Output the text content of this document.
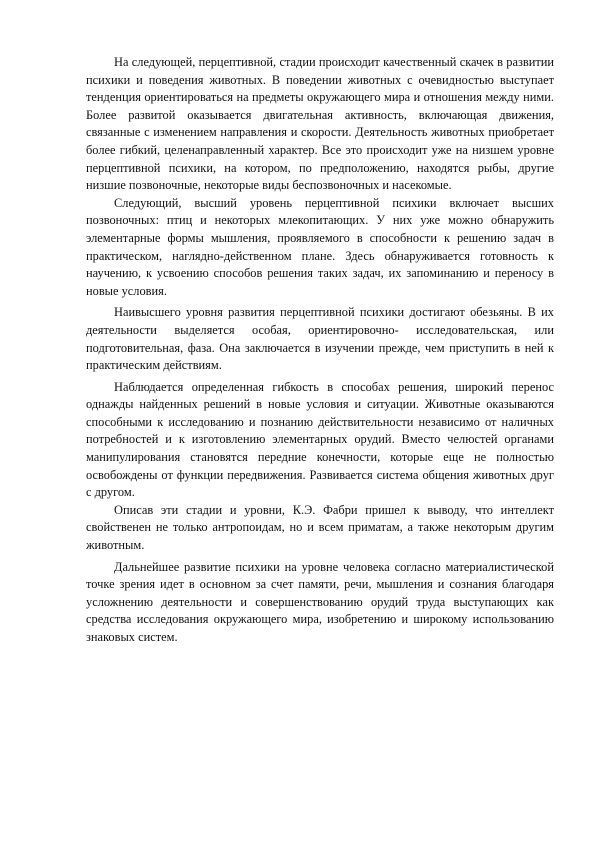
На следующей, перцептивной, стадии происходит качественный скачек в развитии психики и поведения животных. В поведении животных с очевидностью выступает тенденция ориентироваться на предметы окружающего мира и отношения между ними. Более развитой оказывается двигательная активность, включающая движения, связанные с изменением направления и скорости. Деятельность животных приобретает более гибкий, целенаправленный характер. Все это происходит уже на низшем уровне перцептивной психики, на котором, по предположению, находятся рыбы, другие низшие позвоночные, некоторые виды беспозвоночных и насекомые.

Следующий, высший уровень перцептивной психики включает высших позвоночных: птиц и некоторых млекопитающих. У них уже можно обнаружить элементарные формы мышления, проявляемого в способности к решению задач в практическом, наглядно-действенном плане. Здесь обнаруживается готовность к научению, к усвоению способов решения таких задач, их запоминанию и переносу в новые условия.

Наивысшего уровня развития перцептивной психики достигают обезьяны. В их деятельности выделяется особая, ориентировочно- исследовательская, или подготовительная, фаза. Она заключается в изучении прежде, чем приступить в ней к практическим действиям.

Наблюдается определенная гибкость в способах решения, широкий перенос однажды найденных решений в новые условия и ситуации. Животные оказываются способными к исследованию и познанию действительности независимо от наличных потребностей и к изготовлению элементарных орудий. Вместо челюстей органами манипулирования становятся передние конечности, которые еще не полностью освобождены от функции передвижения. Развивается система общения животных друг с другом.

Описав эти стадии и уровни, К.Э. Фабри пришел к выводу, что интеллект свойственен не только антропоидам, но и всем приматам, а также некоторым другим животным.

Дальнейшее развитие психики на уровне человека согласно материалистической точке зрения идет в основном за счет памяти, речи, мышления и сознания благодаря усложнению деятельности и совершенствованию орудий труда выступающих как средства исследования окружающего мира, изобретению и широкому использованию знаковых систем.
